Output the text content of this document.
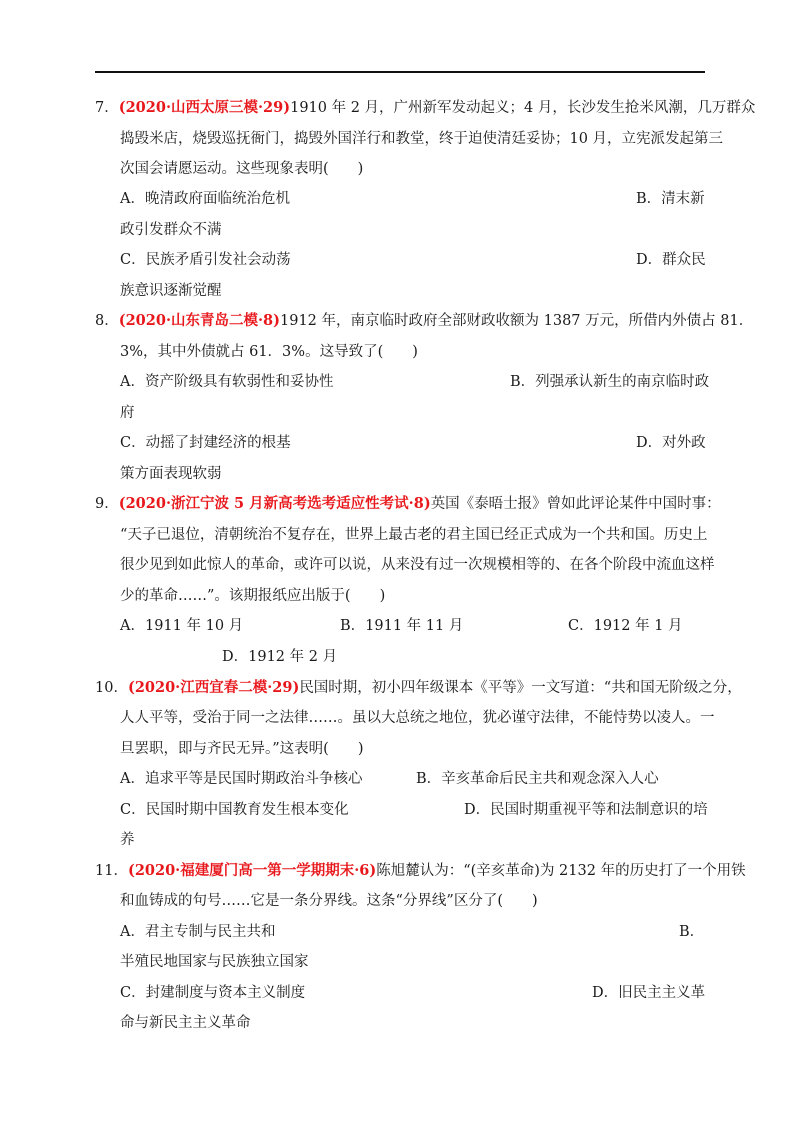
7．(2020·山西太原三模·29)1910 年 2 月，广州新军发动起义；4 月，长沙发生抢米风潮，几万群众
捣毁米店，烧毁巡抚衙门，捣毁外国洋行和教堂，终于迫使清廷妥协；10 月，立宪派发起第三
次国会请愿运动。这些现象表明(　　)
A．晚清政府面临统治危机	B．清末新
政引发群众不满
C．民族矛盾引发社会动荡	D．群众民
族意识逐渐觉醒
8．(2020·山东青岛二模·8)1912 年，南京临时政府全部财政收额为 1387 万元，所借内外债占 81．
3%，其中外债就占 61．3%。这导致了(　　)
A．资产阶级具有软弱性和妥协性	B．列强承认新生的南京临时政
府
C．动摇了封建经济的根基	D．对外政
策方面表现软弱
9．(2020·浙江宁波 5 月新高考选考适应性考试·8)英国《泰晤士报》曾如此评论某件中国时事：
“天子已退位，清朝统治不复存在，世界上最古老的君主国已经正式成为一个共和国。历史上
很少见到如此惊人的革命，或许可以说，从来没有过一次规模相等的、在各个阶段中流血这样
少的革命……”。该期报纸应出版于(　　)
A．1911 年 10 月	B．1911 年 11 月	C．1912 年 1 月
D．1912 年 2 月
10．(2020·江西宜春二模·29)民国时期，初小四年级课本《平等》一文写道：“共和国无阶级之分，
人人平等，受治于同一之法律……。虽以大总统之地位，犹必谨守法律，不能恃势以凌人。一
旦罢职，即与齐民无异。”这表明(　　)
A．追求平等是民国时期政治斗争核心	B．辛亥革命后民主共和观念深入人心
C．民国时期中国教育发生根本变化	D．民国时期重视平等和法制意识的培
养
11．(2020·福建厦门高一第一学期期末·6)陈旭麓认为：“(辛亥革命)为 2132 年的历史打了一个用铁
和血铸成的句号……它是一条分界线。这条“分界线”区分了(　　)
A．君主专制与民主共和	B．
半殖民地国家与民族独立国家
C．封建制度与资本主义制度	D．旧民主主义革
命与新民主主义革命
